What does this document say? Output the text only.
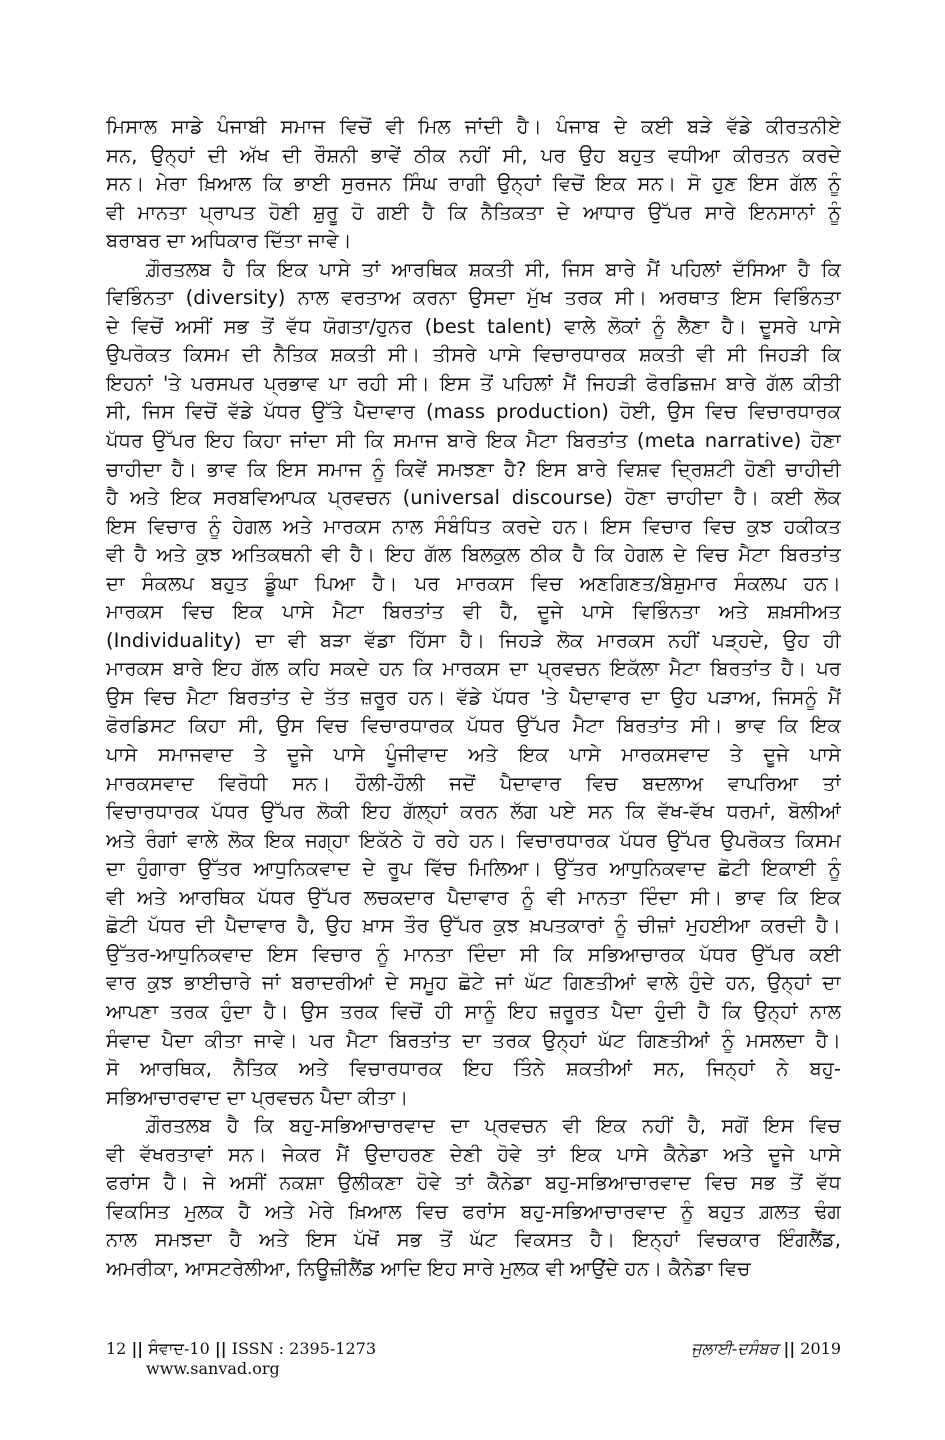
ਮਿਸਾਲ ਸਾਡੇ ਪੰਜਾਬੀ ਸਮਾਜ ਵਿਚੋਂ ਵੀ ਮਿਲ ਜਾਂਦੀ ਹੈ। ਪੰਜਾਬ ਦੇ ਕਈ ਬੜੇ ਵੱਡੇ ਕੀਰਤਨੀਏ
ਸਨ, ਉਨ੍ਹਾਂ ਦੀ ਅੱਖ ਦੀ ਰੌਸ਼ਨੀ ਭਾਵੇਂ ਠੀਕ ਨਹੀਂ ਸੀ, ਪਰ ਉਹ ਬਹੁਤ ਵਧੀਆ ਕੀਰਤਨ ਕਰਦੇ
ਸਨ। ਮੇਰਾ ਖ਼ਿਆਲ ਕਿ ਭਾਈ ਸੁਰਜਨ ਸਿੰਘ ਰਾਗੀ ਉਨ੍ਹਾਂ ਵਿਚੋਂ ਇਕ ਸਨ। ਸੋ ਹੁਣ ਇਸ ਗੱਲ ਨੂੰ
ਵੀ ਮਾਨਤਾ ਪ੍ਰਾਪਤ ਹੋਣੀ ਸ਼ੁਰੂ ਹੋ ਗਈ ਹੈ ਕਿ ਨੈਤਿਕਤਾ ਦੇ ਆਧਾਰ ਉੱਪਰ ਸਾਰੇ ਇਨਸਾਨਾਂ ਨੂੰ
ਬਰਾਬਰ ਦਾ ਅਧਿਕਾਰ ਦਿੱਤਾ ਜਾਵੇ।
ਗ਼ੌਰਤਲਬ ਹੈ ਕਿ ਇਕ ਪਾਸੇ ਤਾਂ ਆਰਥਿਕ ਸ਼ਕਤੀ ਸੀ, ਜਿਸ ਬਾਰੇ ਮੈਂ ਪਹਿਲਾਂ ਦੱਸਿਆ ਹੈ ਕਿ
ਵਿਭਿੰਨਤਾ (diversity) ਨਾਲ ਵਰਤਾਅ ਕਰਨਾ ਉਸਦਾ ਮੁੱਖ ਤਰਕ ਸੀ। ਅਰਥਾਤ ਇਸ ਵਿਭਿੰਨਤਾ
ਦੇ ਵਿਚੋਂ ਅਸੀਂ ਸਭ ਤੋਂ ਵੱਧ ਯੋਗਤਾ/ਹੁਨਰ (best talent) ਵਾਲੇ ਲੋਕਾਂ ਨੂੰ ਲੈਣਾ ਹੈ। ਦੂਸਰੇ ਪਾਸੇ
ਉਪਰੋਕਤ ਕਿਸਮ ਦੀ ਨੈਤਿਕ ਸ਼ਕਤੀ ਸੀ। ਤੀਸਰੇ ਪਾਸੇ ਵਿਚਾਰਧਾਰਕ ਸ਼ਕਤੀ ਵੀ ਸੀ ਜਿਹੜੀ ਕਿ
ਇਹਨਾਂ 'ਤੇ ਪਰਸਪਰ ਪ੍ਰਭਾਵ ਪਾ ਰਹੀ ਸੀ। ਇਸ ਤੋਂ ਪਹਿਲਾਂ ਮੈਂ ਜਿਹੜੀ ਫੋਰਡਿਜ਼ਮ ਬਾਰੇ ਗੱਲ ਕੀਤੀ
ਸੀ, ਜਿਸ ਵਿਚੋਂ ਵੱਡੇ ਪੱਧਰ ਉੱਤੇ ਪੈਦਾਵਾਰ (mass production) ਹੋਈ, ਉਸ ਵਿਚ ਵਿਚਾਰਧਾਰਕ
ਪੱਧਰ ਉੱਪਰ ਇਹ ਕਿਹਾ ਜਾਂਦਾ ਸੀ ਕਿ ਸਮਾਜ ਬਾਰੇ ਇਕ ਮੈਟਾ ਬਿਰਤਾਂਤ (meta narrative) ਹੋਣਾ
ਚਾਹੀਦਾ ਹੈ। ਭਾਵ ਕਿ ਇਸ ਸਮਾਜ ਨੂੰ ਕਿਵੇਂ ਸਮਝਣਾ ਹੈ? ਇਸ ਬਾਰੇ ਵਿਸ਼ਵ ਦ੍ਰਿਸ਼ਟੀ ਹੋਣੀ ਚਾਹੀਦੀ
ਹੈ ਅਤੇ ਇਕ ਸਰਬਵਿਆਪਕ ਪ੍ਰਵਚਨ (universal discourse) ਹੋਣਾ ਚਾਹੀਦਾ ਹੈ। ਕਈ ਲੋਕ
ਇਸ ਵਿਚਾਰ ਨੂੰ ਹੇਗਲ ਅਤੇ ਮਾਰਕਸ ਨਾਲ ਸੰਬੰਧਿਤ ਕਰਦੇ ਹਨ। ਇਸ ਵਿਚਾਰ ਵਿਚ ਕੁਝ ਹਕੀਕਤ
ਵੀ ਹੈ ਅਤੇ ਕੁਝ ਅਤਿਕਥਨੀ ਵੀ ਹੈ। ਇਹ ਗੱਲ ਬਿਲਕੁਲ ਠੀਕ ਹੈ ਕਿ ਹੇਗਲ ਦੇ ਵਿਚ ਮੈਟਾ ਬਿਰਤਾਂਤ
ਦਾ ਸੰਕਲਪ ਬਹੁਤ ਡੂੰਘਾ ਪਿਆ ਹੈ। ਪਰ ਮਾਰਕਸ ਵਿਚ ਅਣਗਿਣਤ/ਬੇਸ਼ੁਮਾਰ ਸੰਕਲਪ ਹਨ।
ਮਾਰਕਸ ਵਿਚ ਇਕ ਪਾਸੇ ਮੈਟਾ ਬਿਰਤਾਂਤ ਵੀ ਹੈ, ਦੂਜੇ ਪਾਸੇ ਵਿਭਿੰਨਤਾ ਅਤੇ ਸ਼ਖ਼ਸੀਅਤ
(Individuality) ਦਾ ਵੀ ਬੜਾ ਵੱਡਾ ਹਿੱਸਾ ਹੈ। ਜਿਹੜੇ ਲੋਕ ਮਾਰਕਸ ਨਹੀਂ ਪੜ੍ਹਦੇ, ਉਹ ਹੀ
ਮਾਰਕਸ ਬਾਰੇ ਇਹ ਗੱਲ ਕਹਿ ਸਕਦੇ ਹਨ ਕਿ ਮਾਰਕਸ ਦਾ ਪ੍ਰਵਚਨ ਇਕੱਲਾ ਮੈਟਾ ਬਿਰਤਾਂਤ ਹੈ। ਪਰ
ਉਸ ਵਿਚ ਮੈਟਾ ਬਿਰਤਾਂਤ ਦੇ ਤੱਤ ਜ਼ਰੂਰ ਹਨ। ਵੱਡੇ ਪੱਧਰ 'ਤੇ ਪੈਦਾਵਾਰ ਦਾ ਉਹ ਪੜਾਅ, ਜਿਸਨੂੰ ਮੈਂ
ਫੋਰਡਿਸਟ ਕਿਹਾ ਸੀ, ਉਸ ਵਿਚ ਵਿਚਾਰਧਾਰਕ ਪੱਧਰ ਉੱਪਰ ਮੈਟਾ ਬਿਰਤਾਂਤ ਸੀ। ਭਾਵ ਕਿ ਇਕ
ਪਾਸੇ ਸਮਾਜਵਾਦ ਤੇ ਦੂਜੇ ਪਾਸੇ ਪੂੰਜੀਵਾਦ ਅਤੇ ਇਕ ਪਾਸੇ ਮਾਰਕਸਵਾਦ ਤੇ ਦੂਜੇ ਪਾਸੇ
ਮਾਰਕਸਵਾਦ ਵਿਰੋਧੀ ਸਨ। ਹੌਲੀ-ਹੌਲੀ ਜਦੋਂ ਪੈਦਾਵਾਰ ਵਿਚ ਬਦਲਾਅ ਵਾਪਰਿਆ ਤਾਂ
ਵਿਚਾਰਧਾਰਕ ਪੱਧਰ ਉੱਪਰ ਲੋਕੀ ਇਹ ਗੱਲ੍ਹਾਂ ਕਰਨ ਲੱਗ ਪਏ ਸਨ ਕਿ ਵੱਖ-ਵੱਖ ਧਰਮਾਂ, ਬੋਲੀਆਂ
ਅਤੇ ਰੰਗਾਂ ਵਾਲੇ ਲੋਕ ਇਕ ਜਗ੍ਹਾ ਇਕੱਠੇ ਹੋ ਰਹੇ ਹਨ। ਵਿਚਾਰਧਾਰਕ ਪੱਧਰ ਉੱਪਰ ਉਪਰੋਕਤ ਕਿਸਮ
ਦਾ ਹੁੰਗਾਰਾ ਉੱਤਰ ਆਧੁਨਿਕਵਾਦ ਦੇ ਰੂਪ ਵਿੱਚ ਮਿਲਿਆ। ਉੱਤਰ ਆਧੁਨਿਕਵਾਦ ਛੋਟੀ ਇਕਾਈ ਨੂੰ
ਵੀ ਅਤੇ ਆਰਥਿਕ ਪੱਧਰ ਉੱਪਰ ਲਚਕਦਾਰ ਪੈਦਾਵਾਰ ਨੂੰ ਵੀ ਮਾਨਤਾ ਦਿੰਦਾ ਸੀ। ਭਾਵ ਕਿ ਇਕ
ਛੋਟੀ ਪੱਧਰ ਦੀ ਪੈਦਾਵਾਰ ਹੈ, ਉਹ ਖ਼ਾਸ ਤੌਰ ਉੱਪਰ ਕੁਝ ਖ਼ਪਤਕਾਰਾਂ ਨੂੰ ਚੀਜ਼ਾਂ ਮੁਹਈਆ ਕਰਦੀ ਹੈ।
ਉੱਤਰ-ਆਧੁਨਿਕਵਾਦ ਇਸ ਵਿਚਾਰ ਨੂੰ ਮਾਨਤਾ ਦਿੰਦਾ ਸੀ ਕਿ ਸਭਿਆਚਾਰਕ ਪੱਧਰ ਉੱਪਰ ਕਈ
ਵਾਰ ਕੁਝ ਭਾਈਚਾਰੇ ਜਾਂ ਬਰਾਦਰੀਆਂ ਦੇ ਸਮੂਹ ਛੋਟੇ ਜਾਂ ਘੱਟ ਗਿਣਤੀਆਂ ਵਾਲੇ ਹੁੰਦੇ ਹਨ, ਉਨ੍ਹਾਂ ਦਾ
ਆਪਣਾ ਤਰਕ ਹੁੰਦਾ ਹੈ। ਉਸ ਤਰਕ ਵਿਚੋਂ ਹੀ ਸਾਨੂੰ ਇਹ ਜ਼ਰੂਰਤ ਪੈਦਾ ਹੁੰਦੀ ਹੈ ਕਿ ਉਨ੍ਹਾਂ ਨਾਲ
ਸੰਵਾਦ ਪੈਦਾ ਕੀਤਾ ਜਾਵੇ। ਪਰ ਮੈਟਾ ਬਿਰਤਾਂਤ ਦਾ ਤਰਕ ਉਨ੍ਹਾਂ ਘੱਟ ਗਿਣਤੀਆਂ ਨੂੰ ਮਸਲਦਾ ਹੈ।
ਸੋ ਆਰਥਿਕ, ਨੈਤਿਕ ਅਤੇ ਵਿਚਾਰਧਾਰਕ ਇਹ ਤਿੰਨੇ ਸ਼ਕਤੀਆਂ ਸਨ, ਜਿਨ੍ਹਾਂ ਨੇ ਬਹੁ-
ਸਭਿਆਚਾਰਵਾਦ ਦਾ ਪ੍ਰਵਚਨ ਪੈਦਾ ਕੀਤਾ।
ਗ਼ੌਰਤਲਬ ਹੈ ਕਿ ਬਹੁ-ਸਭਿਆਚਾਰਵਾਦ ਦਾ ਪ੍ਰਵਚਨ ਵੀ ਇਕ ਨਹੀਂ ਹੈ, ਸਗੋਂ ਇਸ ਵਿਚ
ਵੀ ਵੱਖਰਤਾਵਾਂ ਸਨ। ਜੇਕਰ ਮੈਂ ਉਦਾਹਰਣ ਦੇਣੀ ਹੋਵੇ ਤਾਂ ਇਕ ਪਾਸੇ ਕੈਨੇਡਾ ਅਤੇ ਦੂਜੇ ਪਾਸੇ
ਫਰਾਂਸ ਹੈ। ਜੇ ਅਸੀਂ ਨਕਸ਼ਾ ਉਲੀਕਣਾ ਹੋਵੇ ਤਾਂ ਕੈਨੇਡਾ ਬਹੁ-ਸਭਿਆਚਾਰਵਾਦ ਵਿਚ ਸਭ ਤੋਂ ਵੱਧ
ਵਿਕਸਿਤ ਮੁਲਕ ਹੈ ਅਤੇ ਮੇਰੇ ਖ਼ਿਆਲ ਵਿਚ ਫਰਾਂਸ ਬਹੁ-ਸਭਿਆਚਾਰਵਾਦ ਨੂੰ ਬਹੁਤ ਗ਼ਲਤ ਢੰਗ
ਨਾਲ ਸਮਝਦਾ ਹੈ ਅਤੇ ਇਸ ਪੱਖੋਂ ਸਭ ਤੋਂ ਘੱਟ ਵਿਕਸਤ ਹੈ। ਇਨ੍ਹਾਂ ਵਿਚਕਾਰ ਇੰਗਲੈਂਡ,
ਅਮਰੀਕਾ, ਆਸਟਰੇਲੀਆ, ਨਿਊਜ਼ੀਲੈਂਡ ਆਦਿ ਇਹ ਸਾਰੇ ਮੁਲਕ ਵੀ ਆਉਂਦੇ ਹਨ। ਕੈਨੇਡਾ ਵਿਚ
12 || ਸੰਵਾਦ-10 || ISSN : 2395-1273
www.sanvad.org
ਜੁਲਾਈ-ਦਸੰਬਰ || 2019
